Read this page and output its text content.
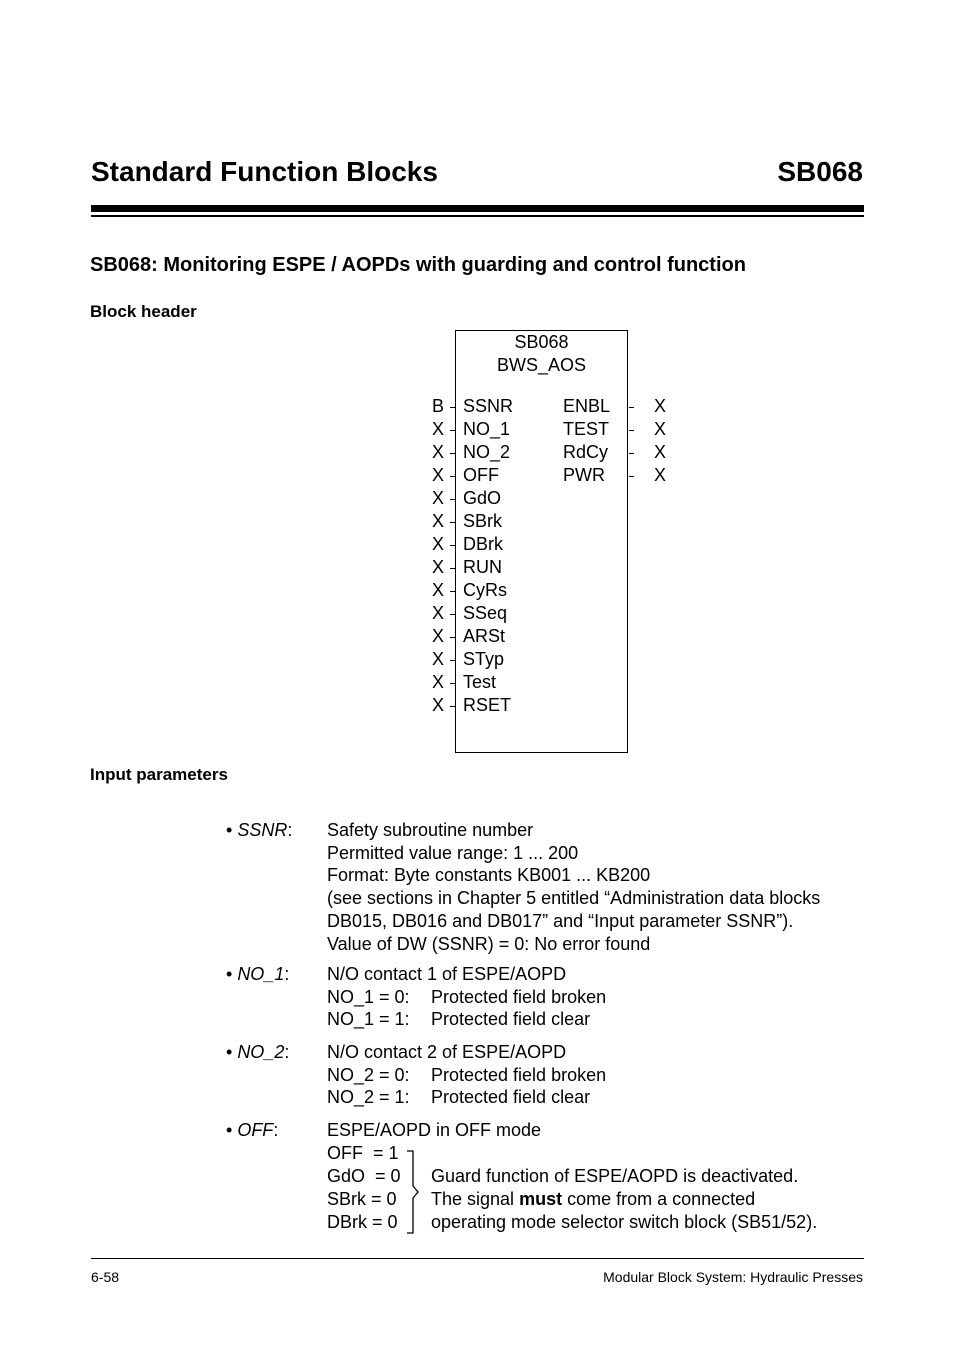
Standard Function Blocks	SB068
SB068: Monitoring ESPE / AOPDs with guarding and control function
Block header
SB068
BWS_AOS
B SSNR	ENBL X
X NO_1	TEST X
X NO_2	RdCy	X
X OFF	PWR	X
X GdO
X SBrk
X DBrk
X RUN
X CyRs
X SSeq
X ARSt
X STyp
X Test
X RSET
Input parameters
• SSNR: Safety subroutine number
Permitted value range: 1 ... 200
Format: Byte constants KB001 ... KB200
(see sections in Chapter 5 entitled “Administration data blocks
DB015, DB016 and DB017” and “Input parameter SSNR”).
Value of DW (SSNR) = 0: No error found
• NO_1: N/O contact 1 of ESPE/AOPD
NO_1 = 0: Protected field broken
NO_1 = 1: Protected field clear
• NO_2: N/O contact 2 of ESPE/AOPD
NO_2 = 0: Protected field broken
NO_2 = 1: Protected field clear
• OFF:	ESPE/AOPD in OFF mode
OFF  = 1
GdO  = 0
SBrk = 0
DBrk = 0
Guard function of ESPE/AOPD is deactivated.
The signal must come from a connected
operating mode selector switch block (SB51/52).
6-58	Modular Block System: Hydraulic Presses
